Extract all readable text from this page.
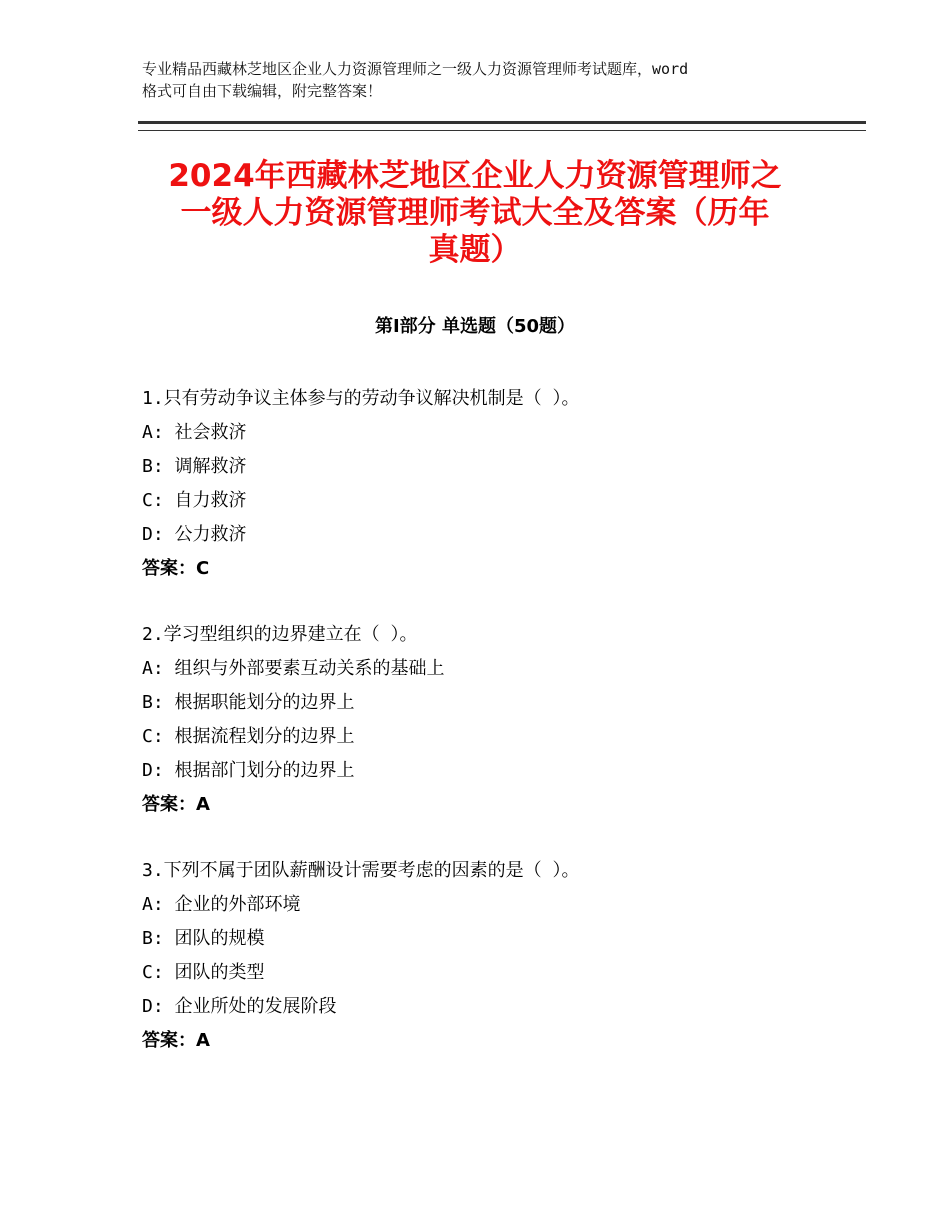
专业精品西藏林芝地区企业人力资源管理师之一级人力资源管理师考试题库，word
格式可自由下载编辑，附完整答案！
2024年西藏林芝地区企业人力资源管理师之
一级人力资源管理师考试大全及答案（历年
真题）
第Ⅰ部分 单选题（50题）
1.只有劳动争议主体参与的劳动争议解决机制是（ ）。
A: 社会救济
B: 调解救济
C: 自力救济
D: 公力救济
答案：C
2.学习型组织的边界建立在（ ）。
A: 组织与外部要素互动关系的基础上
B: 根据职能划分的边界上
C: 根据流程划分的边界上
D: 根据部门划分的边界上
答案：A
3.下列不属于团队薪酬设计需要考虑的因素的是（ ）。
A: 企业的外部环境
B: 团队的规模
C: 团队的类型
D: 企业所处的发展阶段
答案：A
